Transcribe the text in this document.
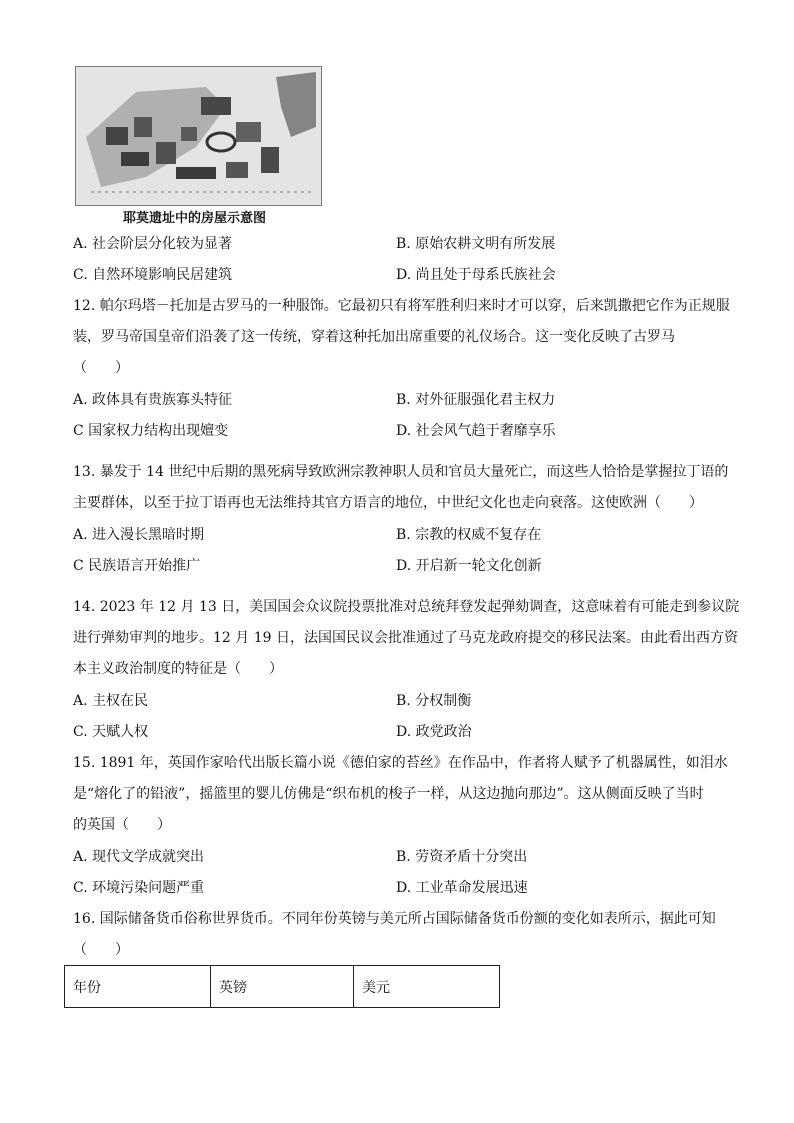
耶莫遗址中的房屋示意图
A. 社会阶层分化较为显著	B. 原始农耕文明有所发展
C. 自然环境影响民居建筑	D. 尚且处于母系氏族社会
12. 帕尔玛塔－托加是古罗马的一种服饰。它最初只有将军胜利归来时才可以穿，后来凯撒把它作为正规服
装，罗马帝国皇帝们沿袭了这一传统，穿着这种托加出席重要的礼仪场合。这一变化反映了古罗马
（　　）
A. 政体具有贵族寡头特征	B. 对外征服强化君主权力
C 国家权力结构出现嬗变	D. 社会风气趋于奢靡享乐
13. 暴发于 14 世纪中后期的黑死病导致欧洲宗教神职人员和官员大量死亡，而这些人恰恰是掌握拉丁语的
主要群体，以至于拉丁语再也无法维持其官方语言的地位，中世纪文化也走向衰落。这使欧洲（　　）
A. 进入漫长黑暗时期	B. 宗教的权威不复存在
C 民族语言开始推广	D. 开启新一轮文化创新
14. 2023 年 12 月 13 日，美国国会众议院投票批准对总统拜登发起弹劾调查，这意味着有可能走到参议院
进行弹劾审判的地步。12 月 19 日，法国国民议会批准通过了马克龙政府提交的移民法案。由此看出西方资
本主义政治制度的特征是（　　）
A. 主权在民	B. 分权制衡
C. 天赋人权	D. 政党政治
15. 1891 年，英国作家哈代出版长篇小说《德伯家的苔丝》在作品中，作者将人赋予了机器属性，如泪水
是“熔化了的铅液”，摇篮里的婴儿仿佛是“织布机的梭子一样，从这边抛向那边”。这从侧面反映了当时
的英国（　　）
A. 现代文学成就突出	B. 劳资矛盾十分突出
C. 环境污染问题严重	D. 工业革命发展迅速
16. 国际储备货币俗称世界货币。不同年份英镑与美元所占国际储备货币份额的变化如表所示，据此可知
（　　）
年份	英镑	美元
